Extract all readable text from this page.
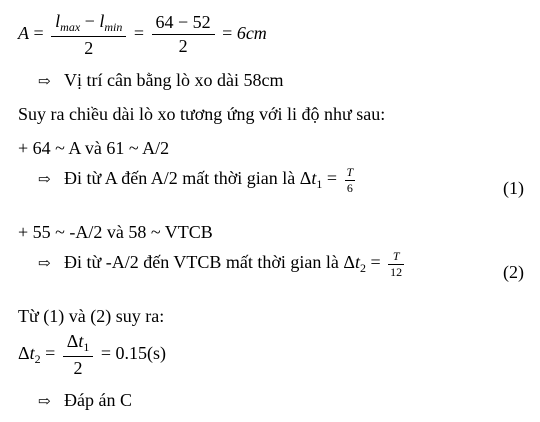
$A = \frac{l_{max} - l_{min}}{2} = \frac{64 - 52}{2} = 6cm$
⇨ Vị trí cân bằng lò xo dài 58cm
Suy ra chiều dài lò xo tương ứng với li độ như sau:
+ 64 ~ A và 61 ~ A/2
⇨ Đi từ A đến A/2 mất thời gian là $\Delta t_1 = \frac{T}{6}$	(1)
+ 55 ~ -A/2 và 58 ~ VTCB
⇨ Đi từ -A/2 đến VTCB mất thời gian là $\Delta t_2 = \frac{T}{12}$	(2)
Từ (1) và (2) suy ra:
$\Delta t_2 = \frac{\Delta t_1}{2} = 0.15(s)$
⇨ Đáp án C
